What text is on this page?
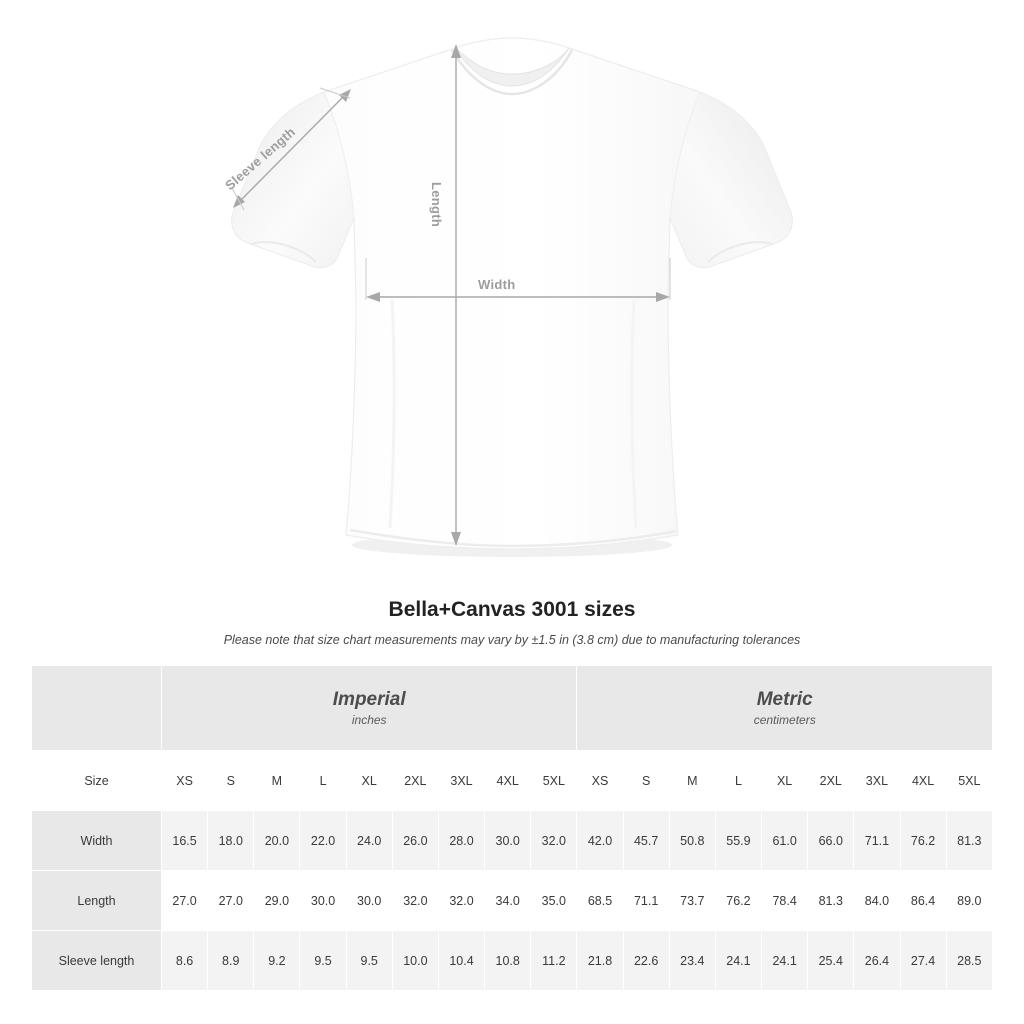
Width
Length
Sleeve length
Bella+Canvas 3001 sizes

Please note that size chart measurements may vary by ±1.5 in (3.8 cm) due to manufacturing tolerances

	Imperial
inches									Metric
centimeters								

Size	XS	S	M	L	XL	2XL	3XL	4XL	5XL	XS	S	M	L	XL	2XL	3XL	4XL	5XL
Width	16.5	18.0	20.0	22.0	24.0	26.0	28.0	30.0	32.0	42.0	45.7	50.8	55.9	61.0	66.0	71.1	76.2	81.3
Length	27.0	27.0	29.0	30.0	30.0	32.0	32.0	34.0	35.0	68.5	71.1	73.7	76.2	78.4	81.3	84.0	86.4	89.0
Sleeve length	8.6	8.9	9.2	9.5	9.5	10.0	10.4	10.8	11.2	21.8	22.6	23.4	24.1	24.1	25.4	26.4	27.4	28.5
